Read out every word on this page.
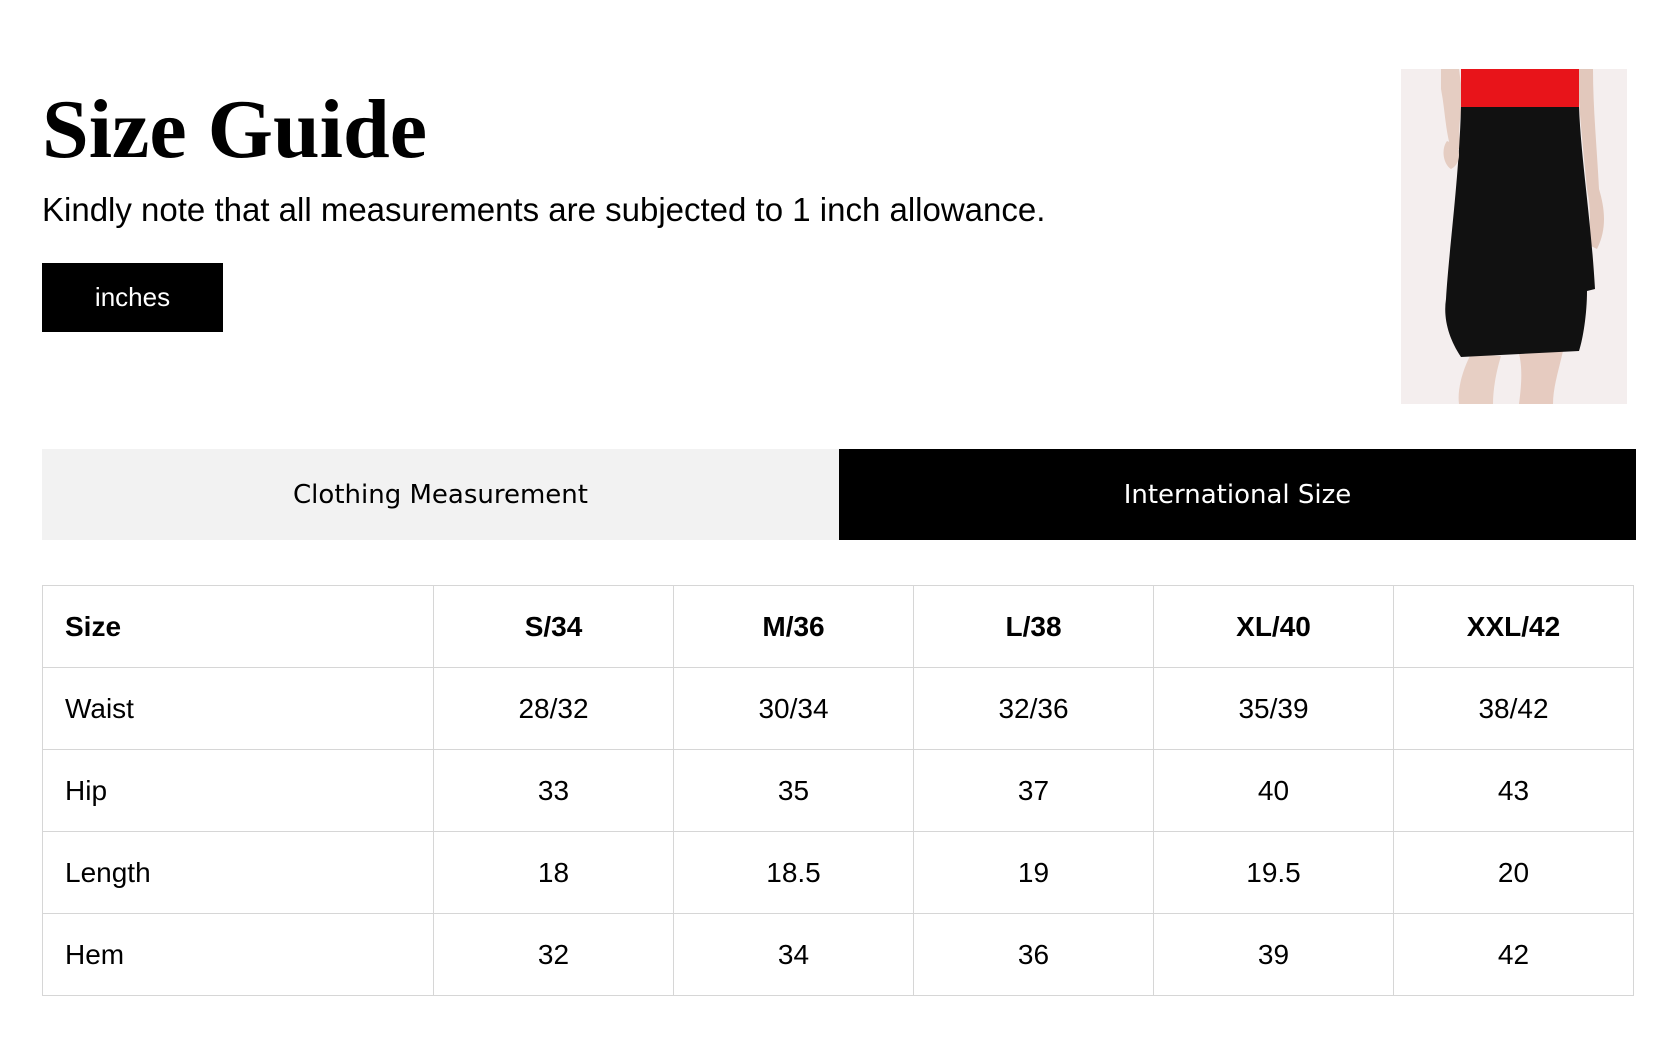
Size Guide
Kindly note that all measurements are subjected to 1 inch allowance.
inches
Clothing Measurement	International Size
Size	S/34	M/36	L/38	XL/40	XXL/42
Waist	28/32	30/34	32/36	35/39	38/42
Hip	33	35	37	40	43
Length	18	18.5	19	19.5	20
Hem	32	34	36	39	42
